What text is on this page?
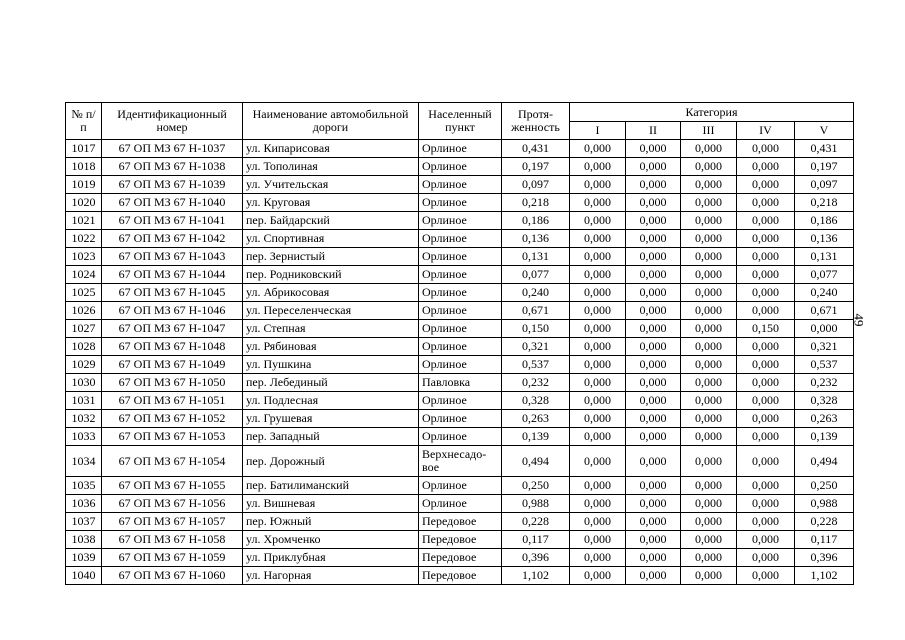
№ п/п	Идентификационный номер	Наименование автомобильной дороги	Населенный пункт	Протя-женность	Категория				
					I	II	III	IV	V
1017	67 ОП МЗ 67 Н-1037	ул. Кипарисовая	Орлиное	0,431	0,000	0,000	0,000	0,000	0,431
1018	67 ОП МЗ 67 Н-1038	ул. Тополиная	Орлиное	0,197	0,000	0,000	0,000	0,000	0,197
1019	67 ОП МЗ 67 Н-1039	ул. Учительская	Орлиное	0,097	0,000	0,000	0,000	0,000	0,097
1020	67 ОП МЗ 67 Н-1040	ул. Круговая	Орлиное	0,218	0,000	0,000	0,000	0,000	0,218
1021	67 ОП МЗ 67 Н-1041	пер. Байдарский	Орлиное	0,186	0,000	0,000	0,000	0,000	0,186
1022	67 ОП МЗ 67 Н-1042	ул. Спортивная	Орлиное	0,136	0,000	0,000	0,000	0,000	0,136
1023	67 ОП МЗ 67 Н-1043	пер. Зернистый	Орлиное	0,131	0,000	0,000	0,000	0,000	0,131
1024	67 ОП МЗ 67 Н-1044	пер. Родниковский	Орлиное	0,077	0,000	0,000	0,000	0,000	0,077
1025	67 ОП МЗ 67 Н-1045	ул. Абрикосовая	Орлиное	0,240	0,000	0,000	0,000	0,000	0,240
1026	67 ОП МЗ 67 Н-1046	ул. Переселенческая	Орлиное	0,671	0,000	0,000	0,000	0,000	0,671
1027	67 ОП МЗ 67 Н-1047	ул. Степная	Орлиное	0,150	0,000	0,000	0,000	0,150	0,000
1028	67 ОП МЗ 67 Н-1048	ул. Рябиновая	Орлиное	0,321	0,000	0,000	0,000	0,000	0,321
1029	67 ОП МЗ 67 Н-1049	ул. Пушкина	Орлиное	0,537	0,000	0,000	0,000	0,000	0,537
1030	67 ОП МЗ 67 Н-1050	пер. Лебединый	Павловка	0,232	0,000	0,000	0,000	0,000	0,232
1031	67 ОП МЗ 67 Н-1051	ул. Подлесная	Орлиное	0,328	0,000	0,000	0,000	0,000	0,328
1032	67 ОП МЗ 67 Н-1052	ул. Грушевая	Орлиное	0,263	0,000	0,000	0,000	0,000	0,263
1033	67 ОП МЗ 67 Н-1053	пер. Западный	Орлиное	0,139	0,000	0,000	0,000	0,000	0,139
1034	67 ОП МЗ 67 Н-1054	пер. Дорожный	Верхнесадо-вое	0,494	0,000	0,000	0,000	0,000	0,494
1035	67 ОП МЗ 67 Н-1055	пер. Батилиманский	Орлиное	0,250	0,000	0,000	0,000	0,000	0,250
1036	67 ОП МЗ 67 Н-1056	ул. Вишневая	Орлиное	0,988	0,000	0,000	0,000	0,000	0,988
1037	67 ОП МЗ 67 Н-1057	пер. Южный	Передовое	0,228	0,000	0,000	0,000	0,000	0,228
1038	67 ОП МЗ 67 Н-1058	ул. Хромченко	Передовое	0,117	0,000	0,000	0,000	0,000	0,117
1039	67 ОП МЗ 67 Н-1059	ул. Приклубная	Передовое	0,396	0,000	0,000	0,000	0,000	0,396
1040	67 ОП МЗ 67 Н-1060	ул. Нагорная	Передовое	1,102	0,000	0,000	0,000	0,000	1,102
49
